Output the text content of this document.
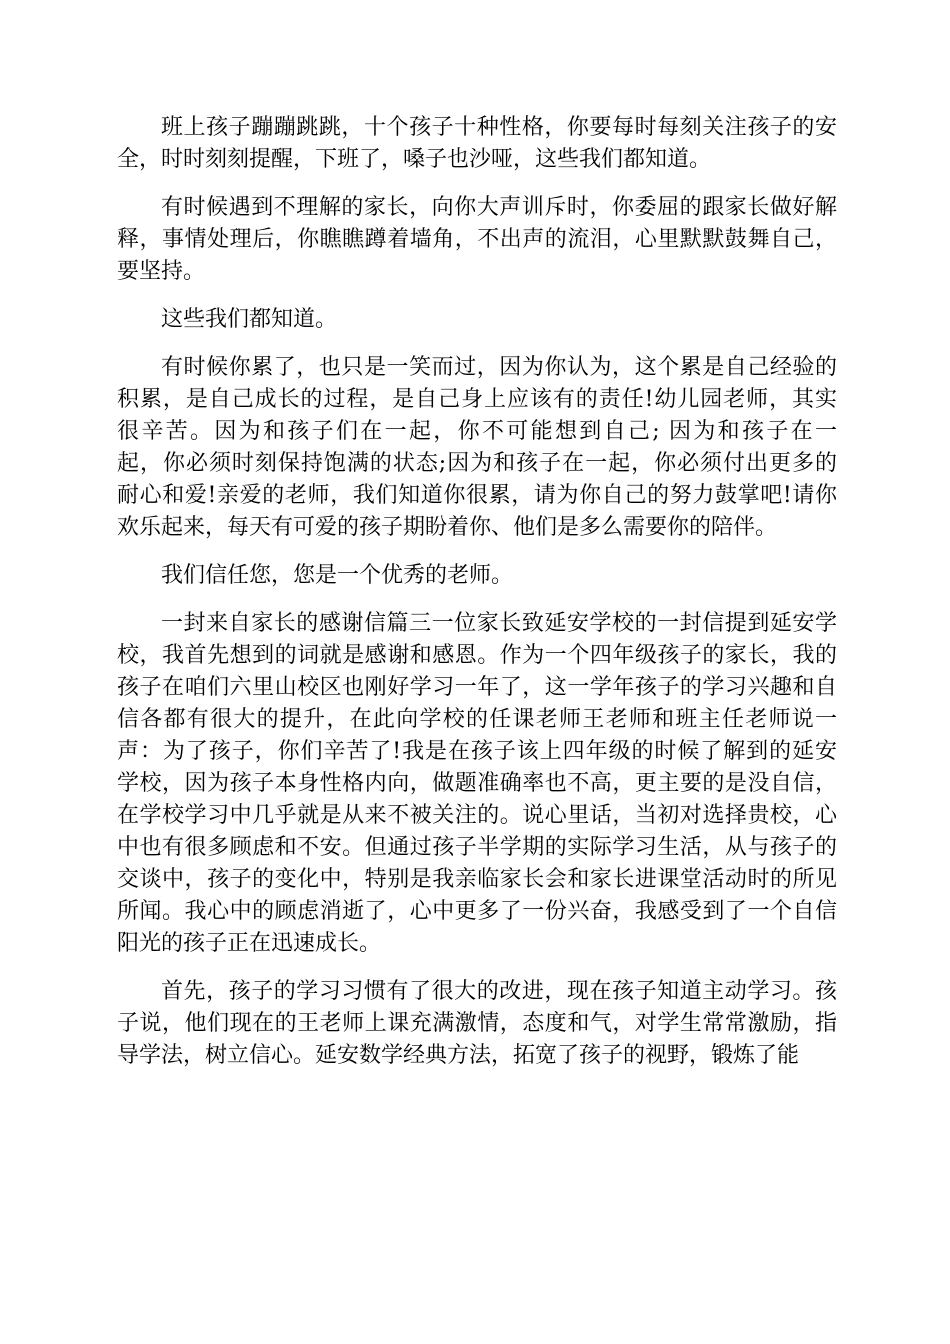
班上孩子蹦蹦跳跳，十个孩子十种性格，你要每时每刻关注孩子的安
全，时时刻刻提醒，下班了，嗓子也沙哑，这些我们都知道。
有时候遇到不理解的家长，向你大声训斥时，你委屈的跟家长做好解
释，事情处理后，你瞧瞧蹲着墙角，不出声的流泪，心里默默鼓舞自己，
要坚持。
这些我们都知道。
有时候你累了，也只是一笑而过，因为你认为，这个累是自己经验的
积累，是自己成长的过程，是自己身上应该有的责任!幼儿园老师，其实
很辛苦。因为和孩子们在一起，你不可能想到自己; 因为和孩子在一
起，你必须时刻保持饱满的状态;因为和孩子在一起，你必须付出更多的
耐心和爱!亲爱的老师，我们知道你很累，请为你自己的努力鼓掌吧!请你
欢乐起来，每天有可爱的孩子期盼着你、他们是多么需要你的陪伴。
我们信任您，您是一个优秀的老师。
一封来自家长的感谢信篇三一位家长致延安学校的一封信提到延安学
校，我首先想到的词就是感谢和感恩。作为一个四年级孩子的家长，我的
孩子在咱们六里山校区也刚好学习一年了，这一学年孩子的学习兴趣和自
信各都有很大的提升，在此向学校的任课老师王老师和班主任老师说一
声：为了孩子，你们辛苦了!我是在孩子该上四年级的时候了解到的延安
学校，因为孩子本身性格内向，做题准确率也不高，更主要的是没自信，
在学校学习中几乎就是从来不被关注的。说心里话，当初对选择贵校，心
中也有很多顾虑和不安。但通过孩子半学期的实际学习生活，从与孩子的
交谈中，孩子的变化中，特别是我亲临家长会和家长进课堂活动时的所见
所闻。我心中的顾虑消逝了，心中更多了一份兴奋，我感受到了一个自信
阳光的孩子正在迅速成长。
首先，孩子的学习习惯有了很大的改进，现在孩子知道主动学习。孩
子说，他们现在的王老师上课充满激情，态度和气，对学生常常激励，指
导学法，树立信心。延安数学经典方法，拓宽了孩子的视野，锻炼了能
